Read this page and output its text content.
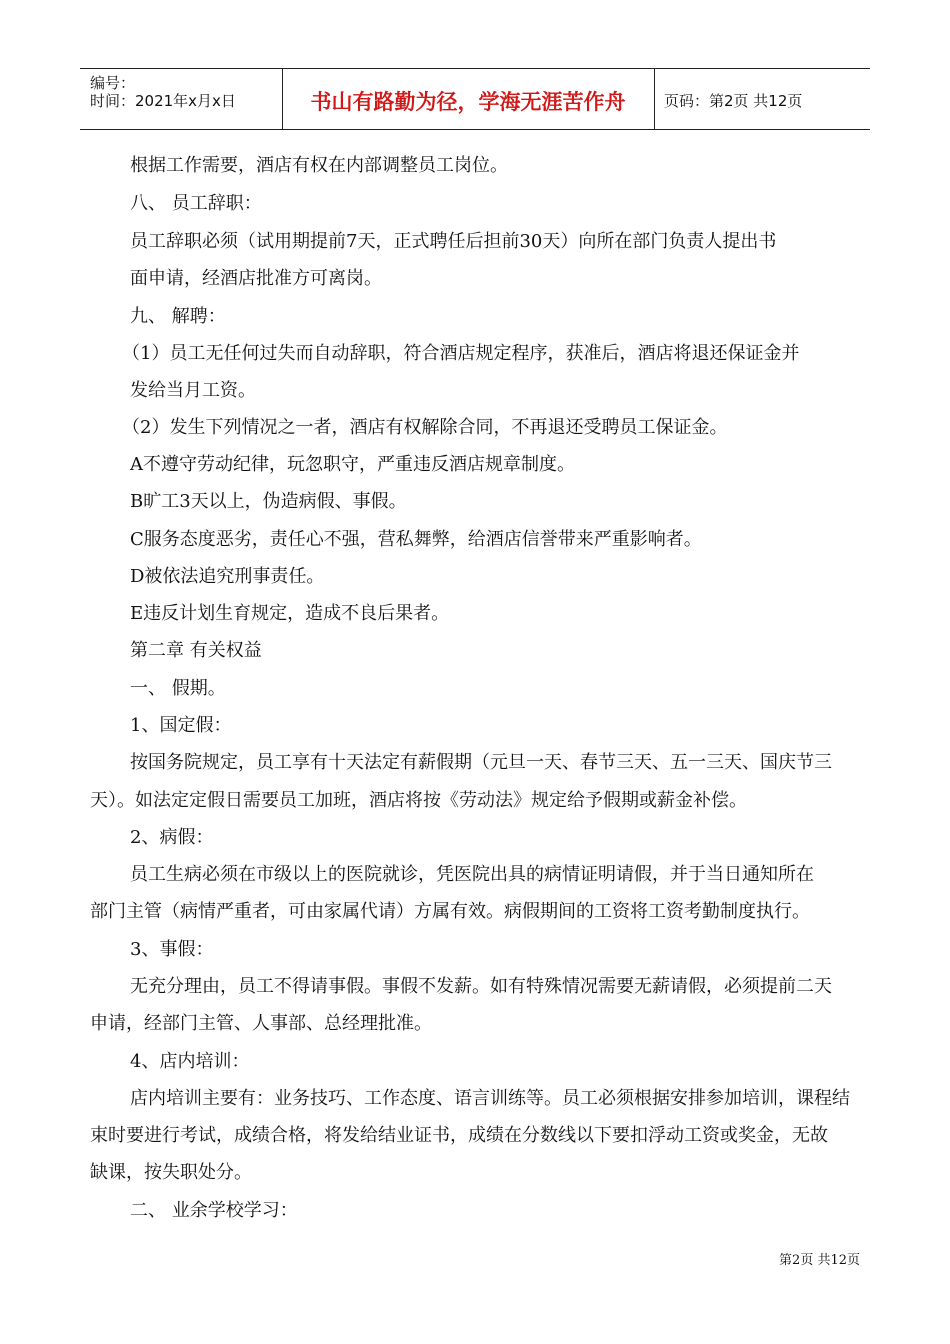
编号：
时间：2021年x月x日	书山有路勤为径，学海无涯苦作舟	页码：第2页 共12页
根据工作需要，酒店有权在内部调整员工岗位。
八、 员工辞职：
员工辞职必须（试用期提前7天，正式聘任后担前30天）向所在部门负责人提出书
面申请，经酒店批准方可离岗。
九、 解聘：
（1）员工无任何过失而自动辞职，符合酒店规定程序，获准后，酒店将退还保证金并
发给当月工资。
（2）发生下列情况之一者，酒店有权解除合同，不再退还受聘员工保证金。
A不遵守劳动纪律，玩忽职守，严重违反酒店规章制度。
B旷工3天以上，伪造病假、事假。
C服务态度恶劣，责任心不强，营私舞弊，给酒店信誉带来严重影响者。
D被依法追究刑事责任。
E违反计划生育规定，造成不良后果者。
第二章 有关权益
一、 假期。
1、国定假：
按国务院规定，员工享有十天法定有薪假期（元旦一天、春节三天、五一三天、国庆节三
天）。如法定定假日需要员工加班，酒店将按《劳动法》规定给予假期或薪金补偿。
2、病假：
员工生病必须在市级以上的医院就诊，凭医院出具的病情证明请假，并于当日通知所在
部门主管（病情严重者，可由家属代请）方属有效。病假期间的工资将工资考勤制度执行。
3、事假：
无充分理由，员工不得请事假。事假不发薪。如有特殊情况需要无薪请假，必须提前二天
申请，经部门主管、人事部、总经理批准。
4、店内培训：
店内培训主要有：业务技巧、工作态度、语言训练等。员工必须根据安排参加培训，课程结
束时要进行考试，成绩合格，将发给结业证书，成绩在分数线以下要扣浮动工资或奖金，无故
缺课，按失职处分。
二、 业余学校学习：
第2页 共12页
